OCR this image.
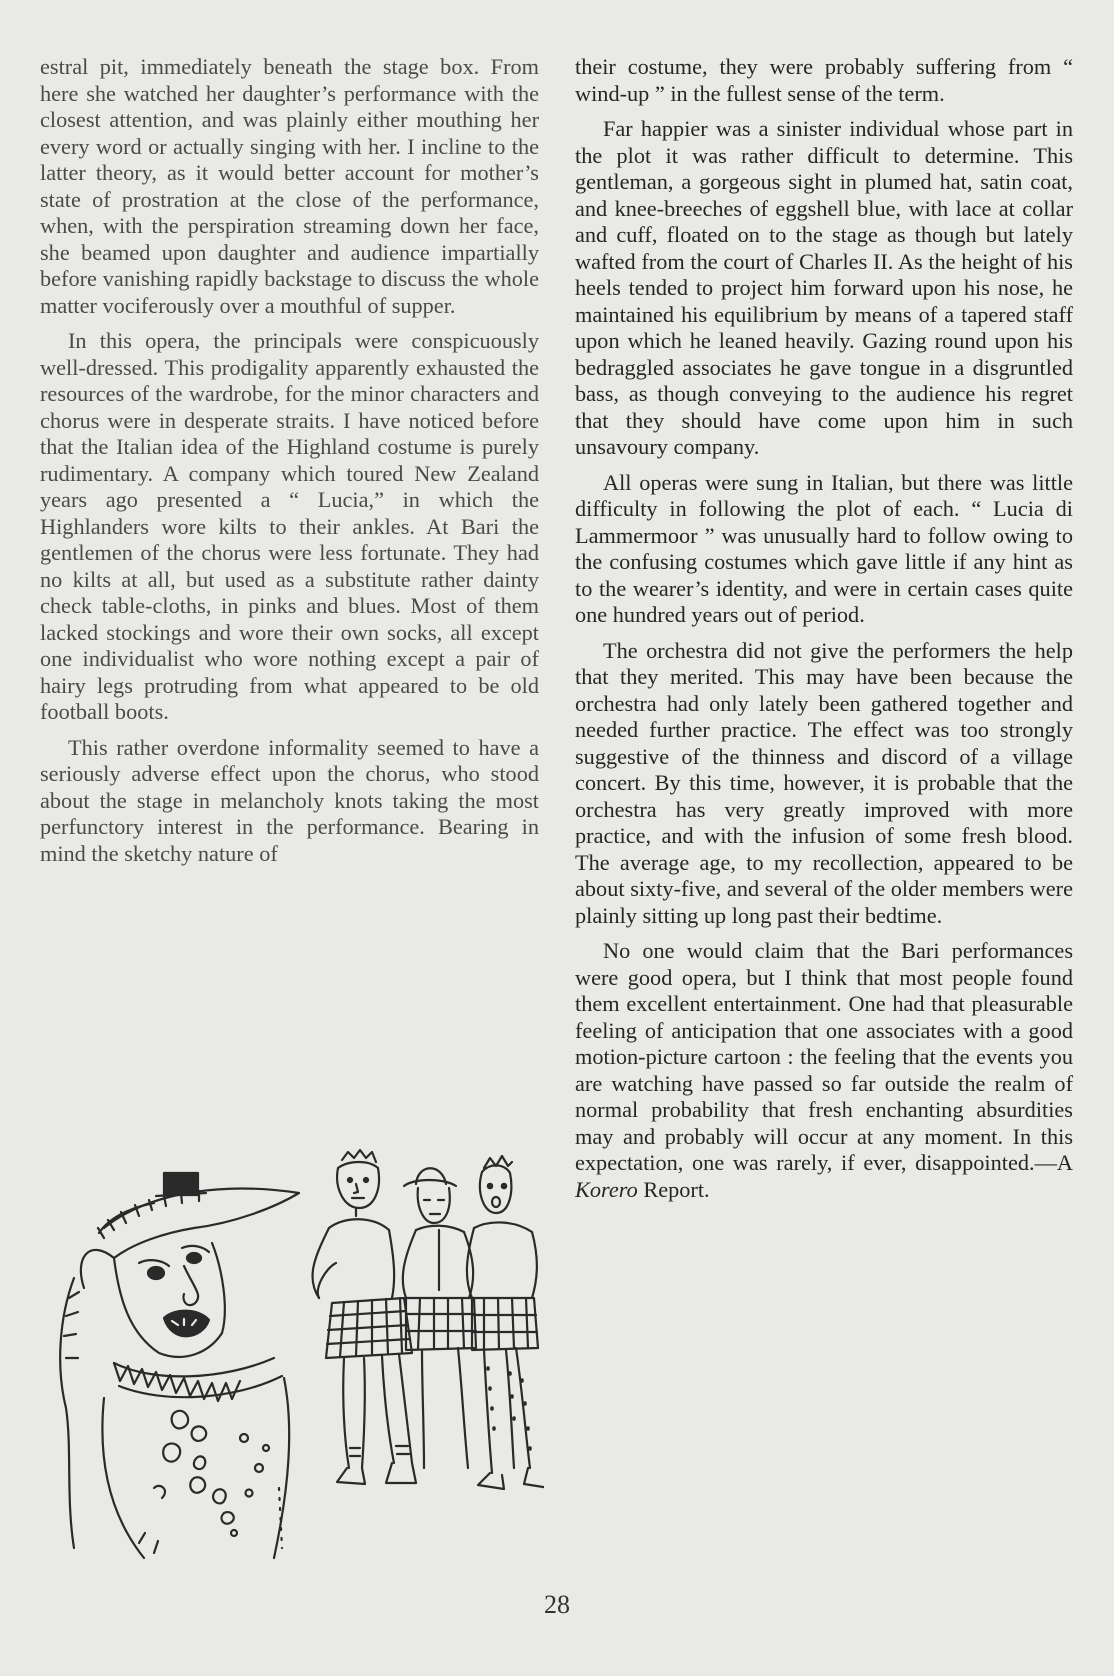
estral pit, immediately beneath the stage box. From here she watched her daughter’s performance with the closest attention, and was plainly either mouthing her every word or actually singing with her. I incline to the latter theory, as it would better account for mother’s state of prostration at the close of the performance, when, with the perspiration streaming down her face, she beamed upon daughter and audience impartially before vanishing rapidly backstage to discuss the whole matter vociferously over a mouthful of supper.

In this opera, the principals were conspicuously well-dressed. This prodigality apparently exhausted the resources of the wardrobe, for the minor characters and chorus were in desperate straits. I have noticed before that the Italian idea of the Highland costume is purely rudimentary. A company which toured New Zealand years ago presented a “ Lucia,” in which the Highlanders wore kilts to their ankles. At Bari the gentlemen of the chorus were less fortunate. They had no kilts at all, but used as a substitute rather dainty check table-cloths, in pinks and blues. Most of them lacked stockings and wore their own socks, all except one individualist who wore nothing except a pair of hairy legs protruding from what appeared to be old football boots.

This rather overdone informality seemed to have a seriously adverse effect upon the chorus, who stood about the stage in melancholy knots taking the most perfunctory interest in the performance. Bearing in mind the sketchy nature of

their costume, they were probably suffering from “ wind-up ” in the fullest sense of the term.

Far happier was a sinister individual whose part in the plot it was rather difficult to determine. This gentleman, a gorgeous sight in plumed hat, satin coat, and knee-breeches of eggshell blue, with lace at collar and cuff, floated on to the stage as though but lately wafted from the court of Charles II. As the height of his heels tended to project him forward upon his nose, he maintained his equilibrium by means of a tapered staff upon which he leaned heavily. Gazing round upon his bedraggled associates he gave tongue in a disgruntled bass, as though conveying to the audience his regret that they should have come upon him in such unsavoury company.

All operas were sung in Italian, but there was little difficulty in following the plot of each. “ Lucia di Lammermoor ” was unusually hard to follow owing to the confusing costumes which gave little if any hint as to the wearer’s identity, and were in certain cases quite one hundred years out of period.

The orchestra did not give the performers the help that they merited. This may have been because the orchestra had only lately been gathered together and needed further practice. The effect was too strongly suggestive of the thinness and discord of a village concert. By this time, however, it is probable that the orchestra has very greatly improved with more practice, and with the infusion of some fresh blood. The average age, to my recollection, appeared to be about sixty-five, and several of the older members were plainly sitting up long past their bedtime.

No one would claim that the Bari performances were good opera, but I think that most people found them excellent entertainment. One had that pleasurable feeling of anticipation that one associates with a good motion-picture cartoon : the feeling that the events you are watching have passed so far outside the realm of normal probability that fresh enchanting absurdities may and probably will occur at any moment. In this expectation, one was rarely, if ever, disappointed.—A Korero Report.

28
